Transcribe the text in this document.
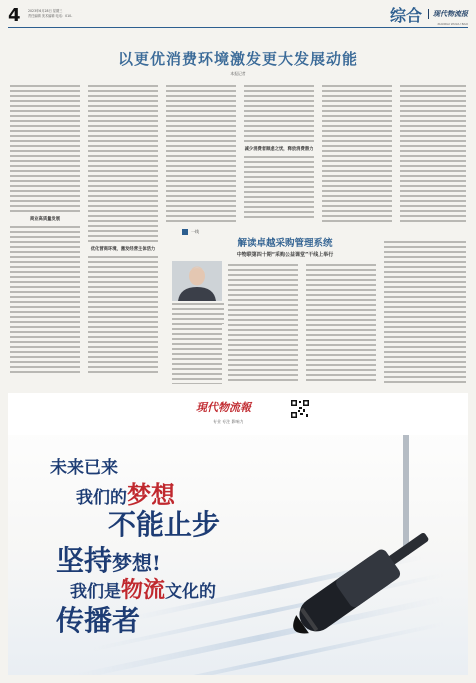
4 2023年6月28日 星期三
责任编辑 美术编辑 电话：010-	综合	现代物流报
XIANDAI WULIU BAO
以更优消费环境激发更大发展动能
本报记者
商业高质量发展
优化营商环境，激发经营主体活力
减少消费者顾虑之忧，释放消费潜力
一线
解读卓越采购管理系统
中物联第四十期“采购公益课堂”干线上举行
現代物流報
专业 专注 影响力
未来已来
我们的梦想
不能止步
坚持梦想!
我们是物流文化的
传播者
